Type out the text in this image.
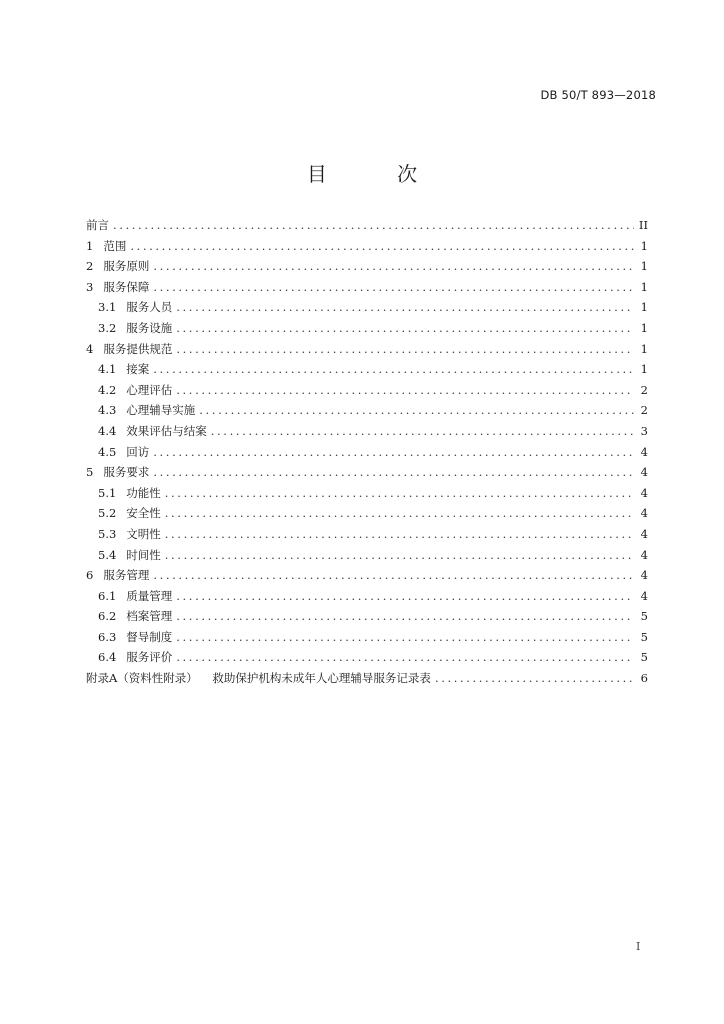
DB 50/T 893—2018
目 次
前言 .....	II
1 范围 .....	1
2 服务原则 .....	1
3 服务保障 .....	1
3.1 服务人员 .....	1
3.2 服务设施 .....	1
4 服务提供规范 .....	1
4.1 接案 .....	1
4.2 心理评估 .....	2
4.3 心理辅导实施 .....	2
4.4 效果评估与结案 .....	3
4.5 回访 .....	4
5 服务要求 .....	4
5.1 功能性 .....	4
5.2 安全性 .....	4
5.3 文明性 .....	4
5.4 时间性 .....	4
6 服务管理 .....	4
6.1 质量管理 .....	4
6.2 档案管理 .....	5
6.3 督导制度 .....	5
6.4 服务评价 .....	5
附录A（资料性附录）    救助保护机构未成年人心理辅导服务记录表 .....	6
I
